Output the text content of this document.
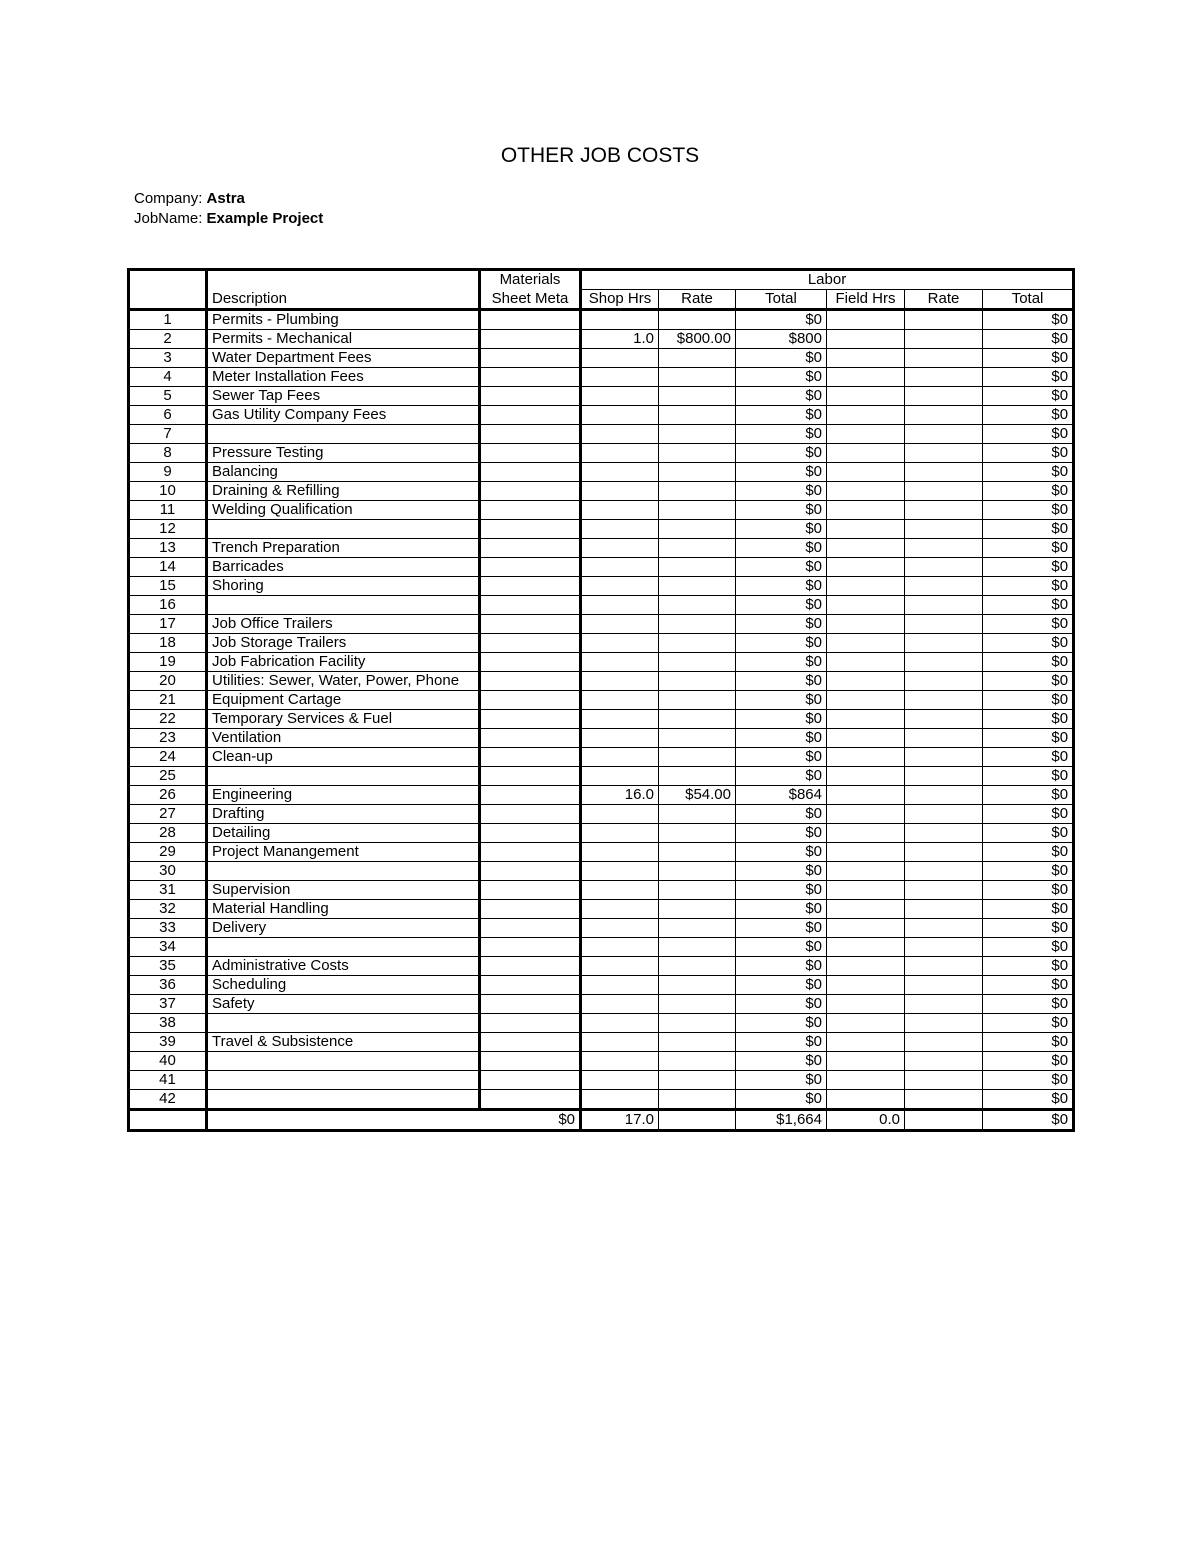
OTHER JOB COSTS
Company: Astra
JobName: Example Project
		Materials	Labor					
	Description	Sheet Meta	Shop Hrs	Rate	Total	Field Hrs	Rate	Total
1	Permits - Plumbing				$0			$0
2	Permits - Mechanical		1.0	$800.00	$800			$0
3	Water Department Fees				$0			$0
4	Meter Installation Fees				$0			$0
5	Sewer Tap Fees				$0			$0
6	Gas Utility Company Fees				$0			$0
7					$0			$0
8	Pressure Testing				$0			$0
9	Balancing				$0			$0
10	Draining & Refilling				$0			$0
11	Welding Qualification				$0			$0
12					$0			$0
13	Trench Preparation				$0			$0
14	Barricades				$0			$0
15	Shoring				$0			$0
16					$0			$0
17	Job Office Trailers				$0			$0
18	Job Storage Trailers				$0			$0
19	Job Fabrication Facility				$0			$0
20	Utilities: Sewer, Water, Power, Phone				$0			$0
21	Equipment Cartage				$0			$0
22	Temporary Services & Fuel				$0			$0
23	Ventilation				$0			$0
24	Clean-up				$0			$0
25					$0			$0
26	Engineering		16.0	$54.00	$864			$0
27	Drafting				$0			$0
28	Detailing				$0			$0
29	Project Manangement				$0			$0
30					$0			$0
31	Supervision				$0			$0
32	Material Handling				$0			$0
33	Delivery				$0			$0
34					$0			$0
35	Administrative Costs				$0			$0
36	Scheduling				$0			$0
37	Safety				$0			$0
38					$0			$0
39	Travel & Subsistence				$0			$0
40					$0			$0
41					$0			$0
42					$0			$0
		$0	17.0		$1,664	0.0		$0
